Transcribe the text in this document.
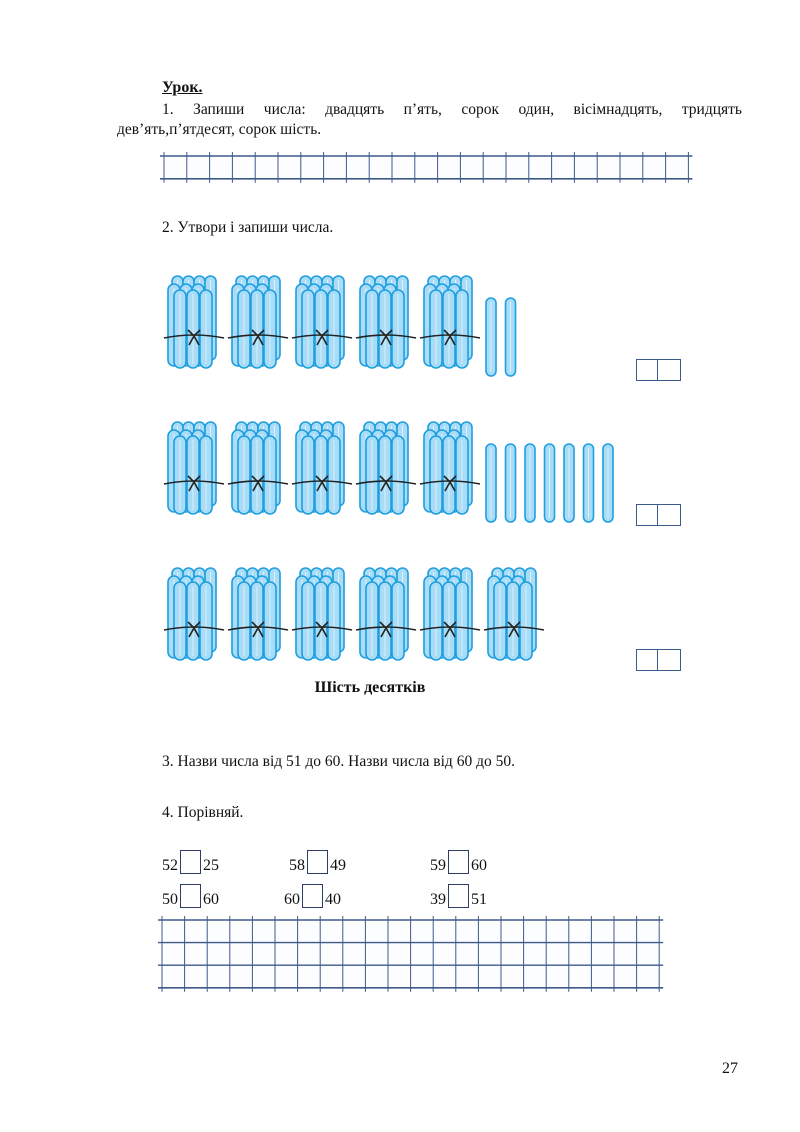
Урок.
1. Запиши числа: двадцять п’ять, сорок один, вісімнадцять, тридцять
дев’ять,п’ятдесят, сорок шість.
2. Утвори і запиши числа.
Шість десятків
3. Назви числа від 51 до 60. Назви числа від 60 до 50.
4. Порівняй.
52 25	58 49	59 60
50 60	60 40	39 51
27
